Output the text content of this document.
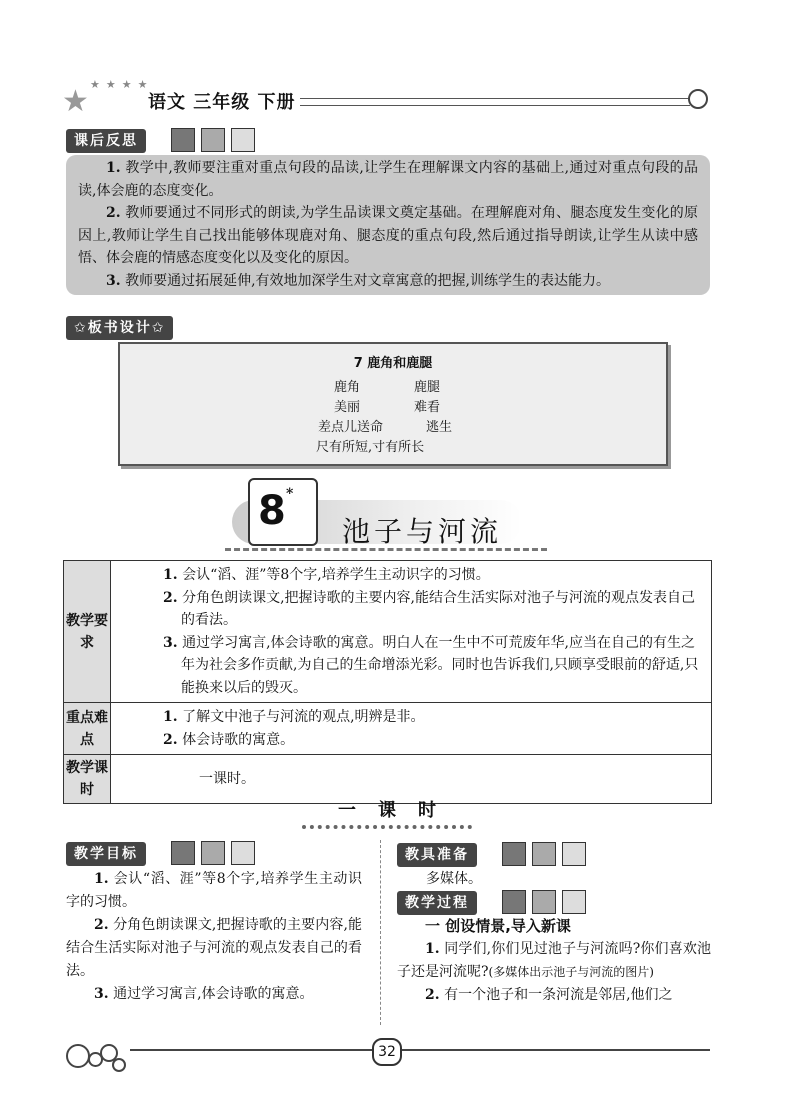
★ ★★★★
语文 三年级 下册
课后反思

1. 教学中,教师要注重对重点句段的品读,让学生在理解课文内容的基础上,通过对重点句段的品读,体会鹿的态度变化。

2. 教师要通过不同形式的朗读,为学生品读课文奠定基础。在理解鹿对角、腿态度发生变化的原因上,教师让学生自己找出能够体现鹿对角、腿态度的重点句段,然后通过指导朗读,让学生从读中感悟、体会鹿的情感态度变化以及变化的原因。

3. 教师要通过拓展延伸,有效地加深学生对文章寓意的把握,训练学生的表达能力。

✩板书设计✩
7 鹿角和鹿腿
鹿角	鹿腿
美丽	难看
差点儿送命	逃生
尺有所短,寸有所长
8 *
池子与河流
教学要求	1. 会认“滔、涯”等8个字,培养学生主动识字的习惯。
2. 分角色朗读课文,把握诗歌的主要内容,能结合生活实际对池子与河流的观点发表自己的看法。
3. 通过学习寓言,体会诗歌的寓意。明白人在一生中不可荒废年华,应当在自己的有生之年为社会多作贡献,为自己的生命增添光彩。同时也告诉我们,只顾享受眼前的舒适,只能换来以后的毁灭。

重点难点	1. 了解文中池子与河流的观点,明辨是非。
2. 体会诗歌的寓意。

教学课时	一课时。
一课时
教学目标

1. 会认“滔、涯”等8个字,培养学生主动识字的习惯。

2. 分角色朗读课文,把握诗歌的主要内容,能结合生活实际对池子与河流的观点发表自己的看法。

3. 通过学习寓言,体会诗歌的寓意。

教具准备
多媒体。
教学过程
一 创设情景,导入新课

1. 同学们,你们见过池子与河流吗?你们喜欢池子还是河流呢?(多媒体出示池子与河流的图片)

2. 有一个池子和一条河流是邻居,他们之

32
